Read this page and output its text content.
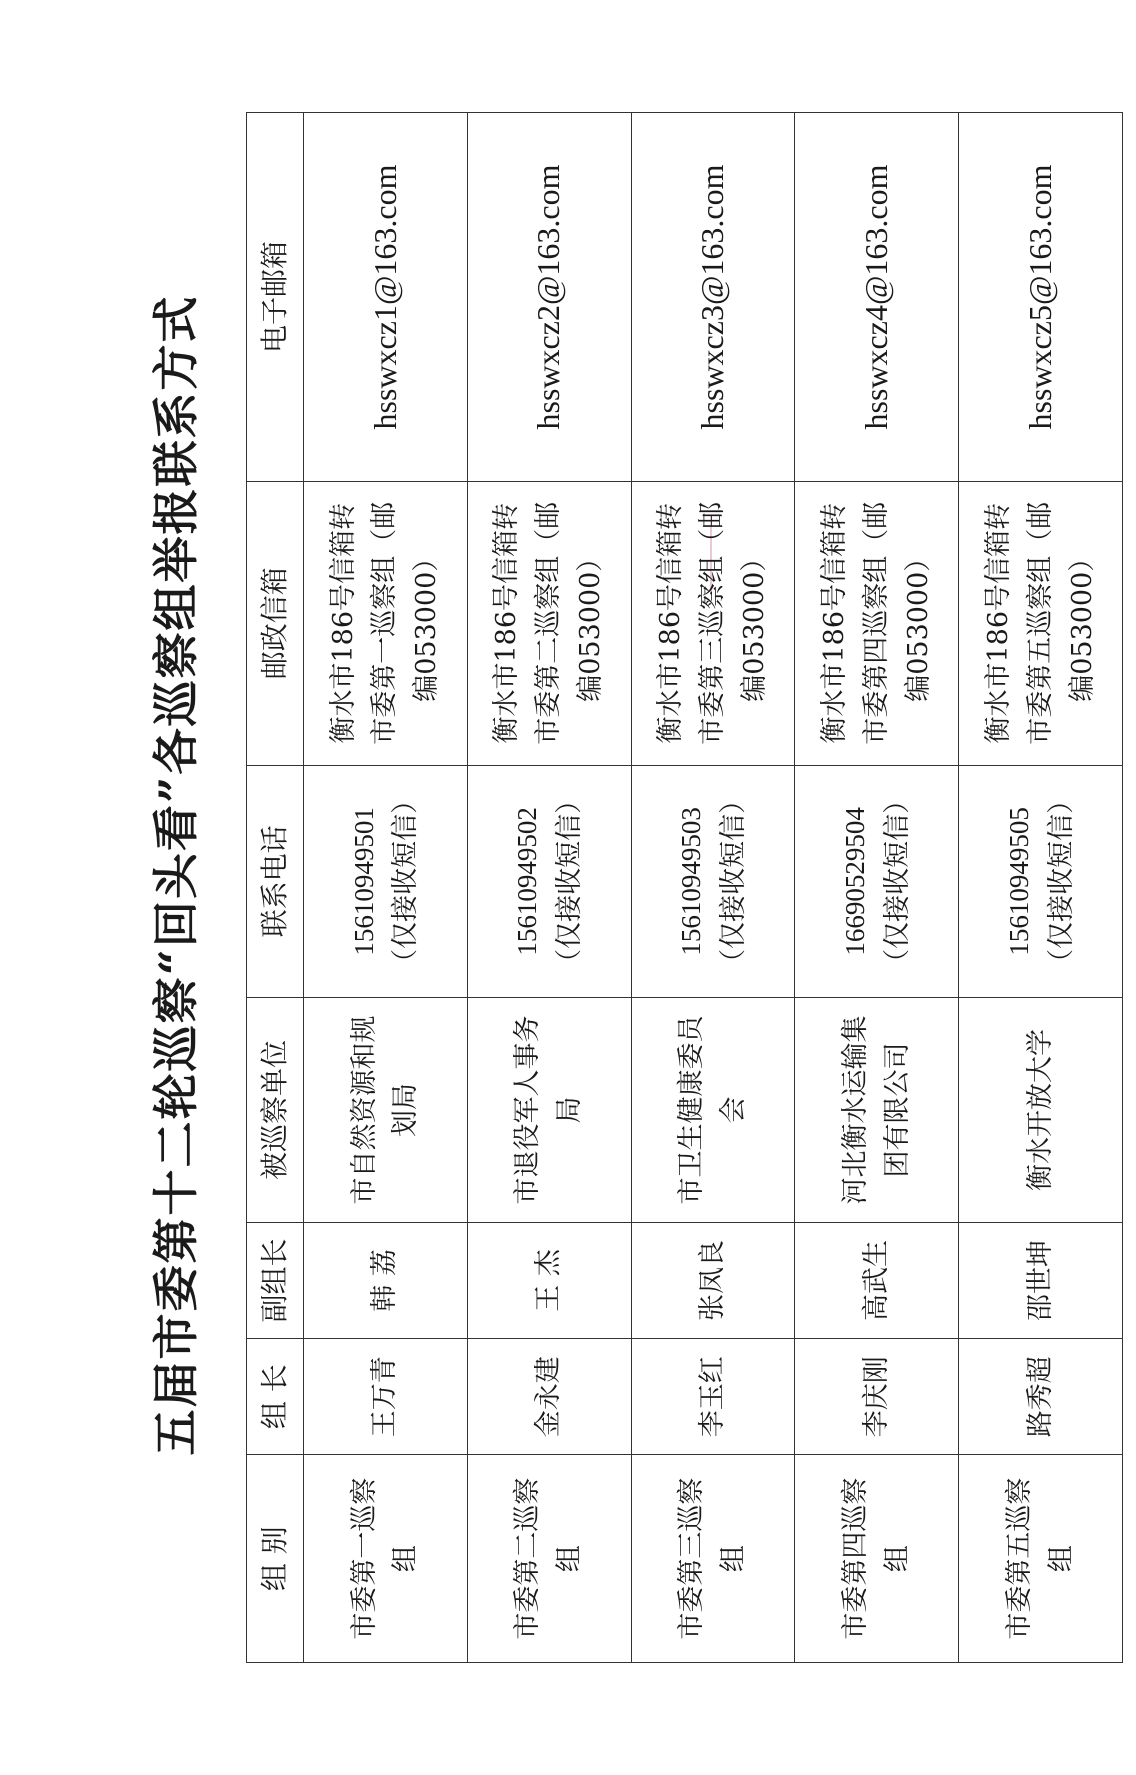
五届市委第十二轮巡察“回头看”各巡察组举报联系方式
组 别	组 长	副组长	被巡察单位	联系电话	邮政信箱	电子邮箱
市委第一巡察组	王万青	韩 荔	市自然资源和规划局	15610949501 （仅接收短信）	衡水市186号信箱转市委第一巡察组（邮编053000）	hsswxcz1@163.com
市委第二巡察组	金永建	王 杰	市退役军人事务局	15610949502 （仅接收短信）	衡水市186号信箱转市委第二巡察组（邮编053000）	hsswxcz2@163.com
市委第三巡察组	李玉红	张凤良	市卫生健康委员会	15610949503 （仅接收短信）	衡水市186号信箱转市委第三巡察组（邮编053000）	hsswxcz3@163.com
市委第四巡察组	李庆刚	高武生	河北衡水运输集团有限公司	16690529504 （仅接收短信）	衡水市186号信箱转市委第四巡察组（邮编053000）	hsswxcz4@163.com
市委第五巡察组	路秀超	邵世坤	衡水开放大学	15610949505 （仅接收短信）	衡水市186号信箱转市委第五巡察组（邮编053000）	hsswxcz5@163.com
